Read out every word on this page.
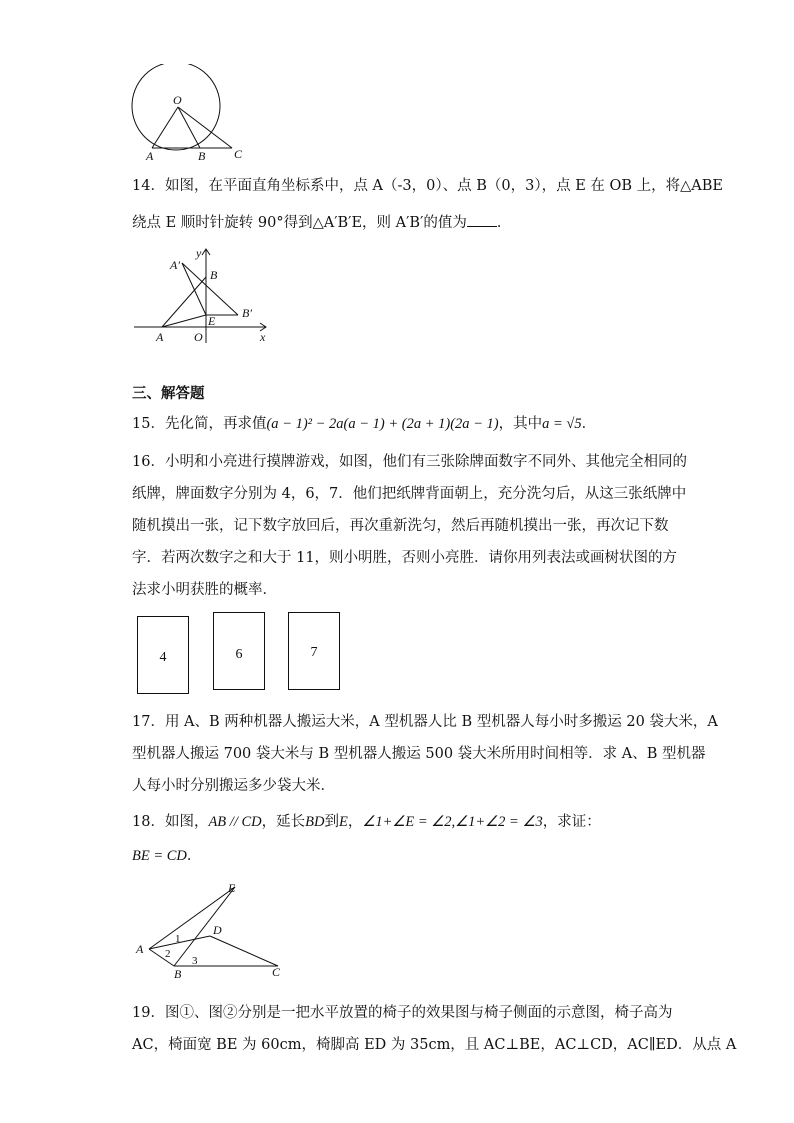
O
A	B C
14．如图，在平面直角坐标系中，点 A（-3，0）、点 B（0，3），点 E 在 OB 上，将△ABE
绕点 E 顺时针旋转 90°得到△A′B′E，则 A′B′的值为 ．
y
x
A′
B
B′
E
A	O
三、解答题
15．先化简，再求值(a − 1)² − 2a(a − 1) + (2a + 1)(2a − 1)，其中a = √5．
16．小明和小亮进行摸牌游戏，如图，他们有三张除牌面数字不同外、其他完全相同的
纸牌，牌面数字分别为 4，6，7．他们把纸牌背面朝上，充分洗匀后，从这三张纸牌中
随机摸出一张，记下数字放回后，再次重新洗匀，然后再随机摸出一张，再次记下数
字．若两次数字之和大于 11，则小明胜，否则小亮胜．请你用列表法或画树状图的方
法求小明获胜的概率．
4	6	7
17．用 A、B 两种机器人搬运大米，A 型机器人比 B 型机器人每小时多搬运 20 袋大米，A
型机器人搬运 700 袋大米与 B 型机器人搬运 500 袋大米所用时间相等．求 A、B 型机器
人每小时分别搬运多少袋大米．
18．如图，AB // CD，延长BD到E，∠1+∠E = ∠2,∠1+∠2 = ∠3，求证：
BE = CD．
E
D
A
B	C
1
2
3
19．图①、图②分别是一把水平放置的椅子的效果图与椅子侧面的示意图，椅子高为
AC，椅面宽 BE 为 60cm，椅脚高 ED 为 35cm，且 AC⊥BE，AC⊥CD，AC∥ED．从点 A
